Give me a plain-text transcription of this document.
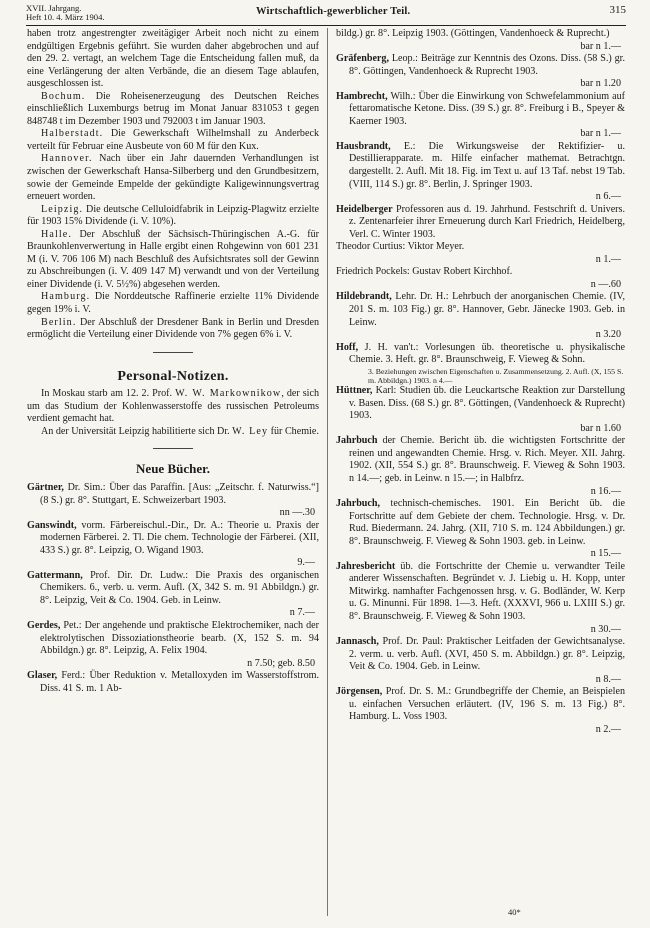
XVII. Jahrgang.
Heft 10. 4. März 1904.	Wirtschaftlich-gewerblicher Teil.	315

haben trotz angestrengter zweitägiger Arbeit noch nicht zu einem endgültigen Ergebnis geführt. Sie wurden daher abgebrochen und auf den 29. 2. vertagt, an welchem Tage die Entscheidung fallen muß, da eine Verlängerung der alten Verbände, die an diesem Tage ablaufen, ausgeschlossen ist.

Bochum. Die Roheisenerzeugung des Deutschen Reiches einschließlich Luxemburgs betrug im Monat Januar 831053 t gegen 848748 t im Dezember 1903 und 792003 t im Januar 1903.

Halberstadt. Die Gewerkschaft Wilhelmshall zu Anderbeck verteilt für Februar eine Ausbeute von 60 M für den Kux.

Hannover. Nach über ein Jahr dauernden Verhandlungen ist zwischen der Gewerkschaft Hansa-Silberberg und den Grundbesitzern, sowie der Gemeinde Empelde der gekündigte Kaligewinnungsvertrag erneuert worden.

Leipzig. Die deutsche Celluloidfabrik in Leipzig-Plagwitz erzielte für 1903 15% Dividende (i. V. 10%).

Halle. Der Abschluß der Sächsisch-Thüringischen A.-G. für Braunkohlenverwertung in Halle ergibt einen Rohgewinn von 601 231 M (i. V. 706 106 M) nach Beschluß des Aufsichtsrates soll der Gewinn zu Abschreibungen (i. V. 409 147 M) verwandt und von der Verteilung einer Dividende (i. V. 5½%) abgesehen werden.

Hamburg. Die Norddeutsche Raffinerie erzielte 11% Dividende gegen 19% i. V.

Berlin. Der Abschluß der Dresdener Bank in Berlin und Dresden ermöglicht die Verteilung einer Dividende von 7% gegen 6% i. V.

Personal-Notizen.

In Moskau starb am 12. 2. Prof. W. W. Markownikow, der sich um das Studium der Kohlenwasserstoffe des russischen Petroleums verdient gemacht hat.

An der Universität Leipzig habilitierte sich Dr. W. Ley für Chemie.

Neue Bücher.
Gärtner, Dr. Sim.: Über das Paraffin. [Aus: „Zeitschr. f. Naturwiss.“] (8 S.) gr. 8°. Stuttgart, E. Schweizerbart 1903.
nn —.30
Ganswindt, vorm. Färbereischul.-Dir., Dr. A.: Theorie u. Praxis der modernen Färberei. 2. Tl. Die chem. Technologie der Färberei. (XII, 433 S.) gr. 8°. Leipzig, O. Wigand 1903.
9.—
Gattermann, Prof. Dir. Dr. Ludw.: Die Praxis des organischen Chemikers. 6., verb. u. verm. Aufl. (X, 342 S. m. 91 Abbildgn.) gr. 8°. Leipzig, Veit & Co. 1904. Geb. in Leinw.
n 7.—
Gerdes, Pet.: Der angehende und praktische Elektrochemiker, nach der elektrolytischen Dissoziationstheorie bearb. (X, 152 S. m. 94 Abbildgn.) gr. 8°. Leipzig, A. Felix 1904.
n 7.50; geb. 8.50
Glaser, Ferd.: Über Reduktion v. Metalloxyden im Wasserstoffstrom. Diss. 41 S. m. 1 Ab-
bildg.) gr. 8°. Leipzig 1903. (Göttingen, Vandenhoeck & Ruprecht.)
bar n 1.—
Gräfenberg, Leop.: Beiträge zur Kenntnis des Ozons. Diss. (58 S.) gr. 8°. Göttingen, Vandenhoeck & Ruprecht 1903.
bar n 1.20
Hambrecht, Wilh.: Über die Einwirkung von Schwefelammonium auf fettaromatische Ketone. Diss. (39 S.) gr. 8°. Freiburg i B., Speyer & Kaerner 1903.
bar n 1.—
Hausbrandt, E.: Die Wirkungsweise der Rektifizier- u. Destillierapparate. m. Hilfe einfacher mathemat. Betrachtgn. dargestellt. 2. Aufl. Mit 18. Fig. im Text u. auf 13 Taf. nebst 19 Tab. (VIII, 114 S.) gr. 8°. Berlin, J. Springer 1903.
n 6.—
Heidelberger Professoren aus d. 19. Jahrhund. Festschrift d. Univers. z. Zentenarfeier ihrer Erneuerung durch Karl Friedrich, Heidelberg, Verl. C. Winter 1903.
Theodor Curtius: Viktor Meyer.
n 1.—
Friedrich Pockels: Gustav Robert Kirchhof.
n —.60
Hildebrandt, Lehr. Dr. H.: Lehrbuch der anorganischen Chemie. (IV, 201 S. m. 103 Fig.) gr. 8°. Hannover, Gebr. Jänecke 1903. Geb. in Leinw.
n 3.20
Hoff, J. H. van't.: Vorlesungen üb. theoretische u. physikalische Chemie. 3. Heft. gr. 8°. Braunschweig, F. Vieweg & Sohn.
3. Beziehungen zwischen Eigenschaften u. Zusammensetzung. 2. Aufl. (X, 155 S. m. Abbildgn.) 1903. n 4.—
Hüttner, Karl: Studien üb. die Leuckartsche Reaktion zur Darstellung v. Basen. Diss. (68 S.) gr. 8°. Göttingen, (Vandenhoeck & Ruprecht) 1903.
bar n 1.60
Jahrbuch der Chemie. Bericht üb. die wichtigsten Fortschritte der reinen und angewandten Chemie. Hrsg. v. Rich. Meyer. XII. Jahrg. 1902. (XII, 554 S.) gr. 8°. Braunschweig. F. Vieweg & Sohn 1903. n 14.—; geb. in Leinw. n 15.—; in Halbfrz.
n 16.—
Jahrbuch, technisch-chemisches. 1901. Ein Bericht üb. die Fortschritte auf dem Gebiete der chem. Technologie. Hrsg. v. Dr. Rud. Biedermann. 24. Jahrg. (XII, 710 S. m. 124 Abbildungen.) gr. 8°. Braunschweig. F. Vieweg & Sohn 1903. geb. in Leinw.
n 15.—
Jahresbericht üb. die Fortschritte der Chemie u. verwandter Teile anderer Wissenschaften. Begründet v. J. Liebig u. H. Kopp, unter Mitwirkg. namhafter Fachgenossen hrsg. v. G. Bodländer, W. Kerp u. G. Minunni. Für 1898. 1—3. Heft. (XXXVI, 966 u. LXIII S.) gr. 8°. Braunschweig. F. Vieweg & Sohn 1903.
n 30.—
Jannasch, Prof. Dr. Paul: Praktischer Leitfaden der Gewichtsanalyse. 2. verm. u. verb. Aufl. (XVI, 450 S. m. Abbildgn.) gr. 8°. Leipzig, Veit & Co. 1904. Geb. in Leinw.
n 8.—
Jörgensen, Prof. Dr. S. M.: Grundbegriffe der Chemie, an Beispielen u. einfachen Versuchen erläutert. (IV, 196 S. m. 13 Fig.) 8°. Hamburg. L. Voss 1903.
n 2.—
40*
